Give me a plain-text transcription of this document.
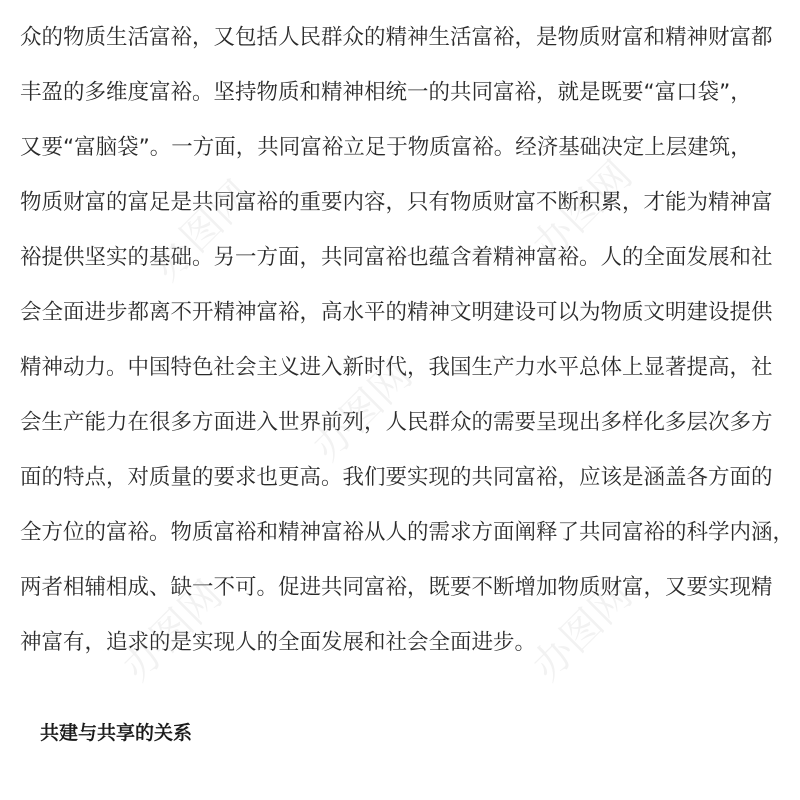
众的物质生活富裕，又包括人民群众的精神生活富裕，是物质财富和精神财富都
丰盈的多维度富裕。坚持物质和精神相统一的共同富裕，就是既要“富口袋”，
又要“富脑袋”。一方面，共同富裕立足于物质富裕。经济基础决定上层建筑，
物质财富的富足是共同富裕的重要内容，只有物质财富不断积累，才能为精神富
裕提供坚实的基础。另一方面，共同富裕也蕴含着精神富裕。人的全面发展和社
会全面进步都离不开精神富裕，高水平的精神文明建设可以为物质文明建设提供
精神动力。中国特色社会主义进入新时代，我国生产力水平总体上显著提高，社
会生产能力在很多方面进入世界前列，人民群众的需要呈现出多样化多层次多方
面的特点，对质量的要求也更高。我们要实现的共同富裕，应该是涵盖各方面的
全方位的富裕。物质富裕和精神富裕从人的需求方面阐释了共同富裕的科学内涵，
两者相辅相成、缺一不可。促进共同富裕，既要不断增加物质财富，又要实现精
神富有，追求的是实现人的全面发展和社会全面进步。
共建与共享的关系
办图网	办图网
办图网
办图网
办图网
